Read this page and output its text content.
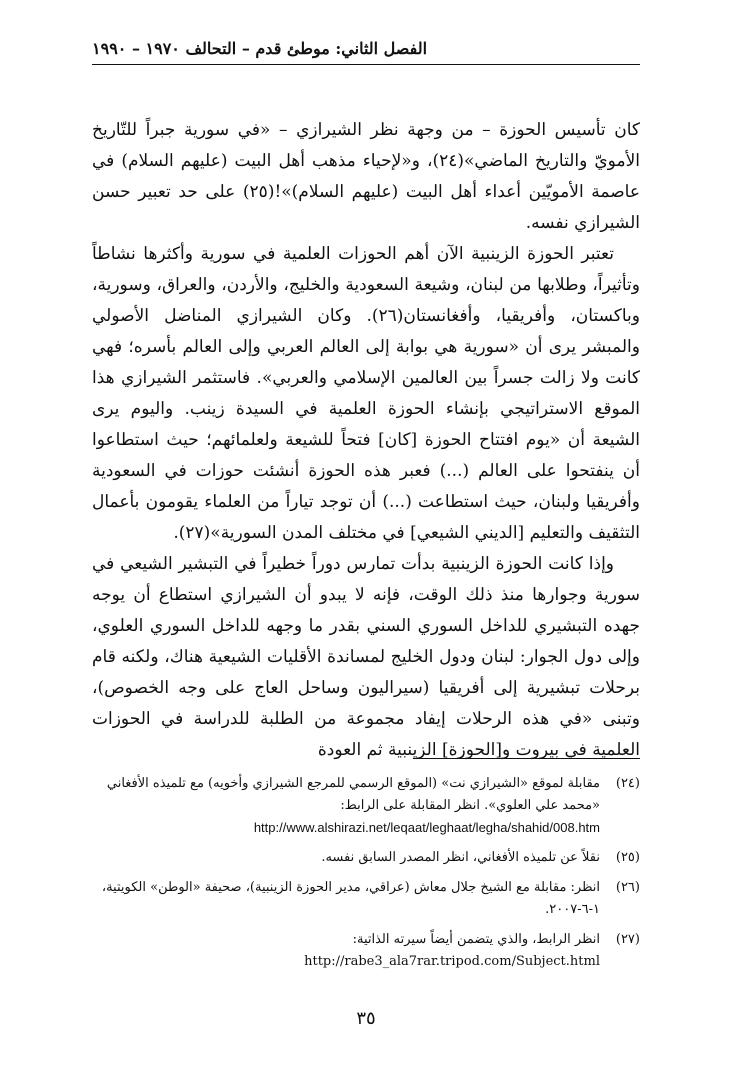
الفصل الثاني: موطئ قدم – التحالف ١٩٧٠ – ١٩٩٠

كان تأسيس الحوزة – من وجهة نظر الشيرازي – «في سورية جبراً للتّاريخ الأمويّ والتاريخ الماضي»(٢٤)، و«لإحياء مذهب أهل البيت (عليهم السلام) في عاصمة الأمويّين أعداء أهل البيت (عليهم السلام)»!(٢٥) على حد تعبير حسن الشيرازي نفسه.

تعتبر الحوزة الزينبية الآن أهم الحوزات العلمية في سورية وأكثرها نشاطاً وتأثيراً، وطلابها من لبنان، وشيعة السعودية والخليج، والأردن، والعراق، وسورية، وباكستان، وأفريقيا، وأفغانستان(٢٦). وكان الشيرازي المناضل الأصولي والمبشر يرى أن «سورية هي بوابة إلى العالم العربي وإلى العالم بأسره؛ فهي كانت ولا زالت جسراً بين العالمين الإسلامي والعربي». فاستثمر الشيرازي هذا الموقع الاستراتيجي بإنشاء الحوزة العلمية في السيدة زينب. واليوم يرى الشيعة أن «يوم افتتاح الحوزة [كان] فتحاً للشيعة ولعلمائهم؛ حيث استطاعوا أن ينفتحوا على العالم (...) فعبر هذه الحوزة أنشئت حوزات في السعودية وأفريقيا ولبنان، حيث استطاعت (...) أن توجد تياراً من العلماء يقومون بأعمال التثقيف والتعليم [الديني الشيعي] في مختلف المدن السورية»(٢٧).

وإذا كانت الحوزة الزينبية بدأت تمارس دوراً خطيراً في التبشير الشيعي في سورية وجوارها منذ ذلك الوقت، فإنه لا يبدو أن الشيرازي استطاع أن يوجه جهده التبشيري للداخل السوري السني بقدر ما وجهه للداخل السوري العلوي، وإلى دول الجوار: لبنان ودول الخليج لمساندة الأقليات الشيعية هناك، ولكنه قام برحلات تبشيرية إلى أفريقيا (سيراليون وساحل العاج على وجه الخصوص)، وتبنى «في هذه الرحلات إيفاد مجموعة من الطلبة للدراسة في الحوزات العلمية في بيروت و[الحوزة] الزينبية ثم العودة

(٢٤)
مقابلة لموقع «الشيرازي نت» (الموقع الرسمي للمرجع الشيرازي وأخويه) مع تلميذه الأفغاني «محمد علي العلوي». انظر المقابلة على الرابط:
http://www.alshirazi.net/leqaat/leghaat/legha/shahid/008.htm
(٢٥)
نقلاً عن تلميذه الأفغاني، انظر المصدر السابق نفسه.
(٢٦)
انظر: مقابلة مع الشيخ جلال معاش (عراقي، مدير الحوزة الزينبية)، صحيفة «الوطن» الكويتية، ١-٦-٢٠٠٧.
(٢٧)
انظر الرابط، والذي يتضمن أيضاً سيرته الذاتية: http://rabe3_ala7rar.tripod.com/Subject.html
٣٥
